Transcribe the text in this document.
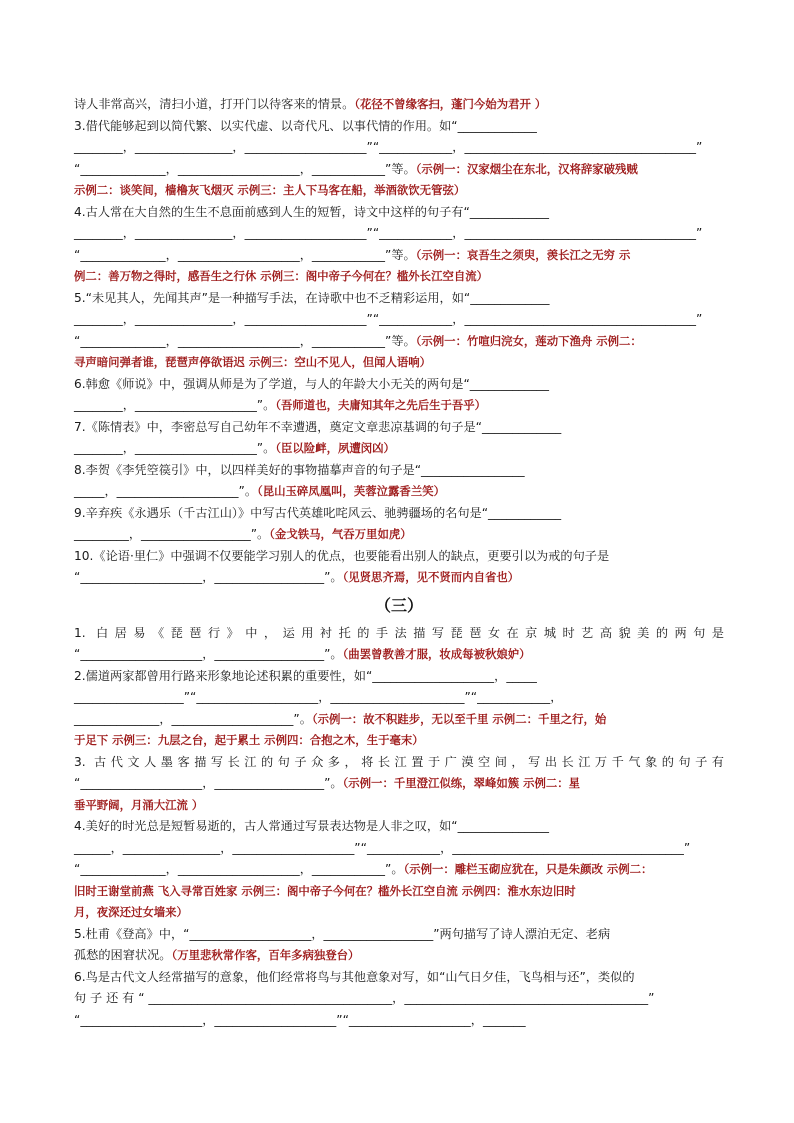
诗人非常高兴，清扫小道，打开门以待客来的情景。（花径不曾缘客扫，蓬门今始为君开 ）
3.借代能够起到以简代繁、以实代虚、以奇代凡、以事代情的作用。如“_____________
________，________________，____________________”“____________，______________________________________”
“______________，____________________，____________”等。（示例一：汉家烟尘在东北，汉将辞家破残贼
示例二：谈笑间，樯橹灰飞烟灭 示例三：主人下马客在船，举酒欲饮无管弦）
4.古人常在大自然的生生不息面前感到人生的短暂，诗文中这样的句子有“_____________
________，________________，____________________”“____________，______________________________________”
“______________，____________________，____________”等。（示例一：哀吾生之须臾，羡长江之无穷 示
例二：善万物之得时，感吾生之行休 示例三：阁中帝子今何在？槛外长江空自流）
5.“未见其人，先闻其声”是一种描写手法，在诗歌中也不乏精彩运用，如“_____________
________，________________，____________________”“____________，______________________________________”
“______________，____________________，____________”等。（示例一：竹喧归浣女，莲动下渔舟 示例二：
寻声暗问弹者谁，琵琶声停欲语迟 示例三：空山不见人，但闻人语响）
6.韩愈《师说》中，强调从师是为了学道，与人的年龄大小无关的两句是“_____________
________，____________________”。（吾师道也，夫庸知其年之先后生于吾乎）
7.《陈情表》中，李密总写自己幼年不幸遭遇，奠定文章悲凉基调的句子是“_____________
________，____________________”。（臣以险衅，夙遭闵凶）
8.李贺《李凭箜篌引》中，以四样美好的事物描摹声音的句子是“_________________
_____，____________________”。（昆山玉碎凤凰叫，芙蓉泣露香兰笑）
9.辛弃疾《永遇乐（千古江山）》中写古代英雄叱咤风云、驰骋疆场的名句是“____________
_________，__________________”。（金戈铁马，气吞万里如虎）
10.《论语·里仁》中强调不仅要能学习别人的优点，也要能看出别人的缺点，更要引以为戒的句子是
“____________________，__________________”。（见贤思齐焉，见不贤而内自省也）
（三）
1. 白居易《琵琶行》中，运用衬托的手法描写琵琶女在京城时艺高貌美的两句是
“____________________，__________________”。（曲罢曾教善才服，妆成每被秋娘妒）
2.儒道两家都曾用行路来形象地论述积累的重要性，如“____________________，_____
__________________”“____________________，______________________”“____________，
______________，____________________”。（示例一：故不积跬步，无以至千里 示例二：千里之行，始
于足下 示例三：九层之台，起于累土 示例四：合抱之木，生于毫末）
3. 古代文人墨客描写长江的句子众多，将长江置于广漠空间，写出长江万千气象的句子有
“____________________，__________________”。（示例一：千里澄江似练，翠峰如簇 示例二：星
垂平野阔，月涌大江流 ）
4.美好的时光总是短暂易逝的，古人常通过写景表达物是人非之叹，如“_______________
______，________________，____________________”“____________，______________________________________”
“______________，____________________，____________”。（示例一：雕栏玉砌应犹在，只是朱颜改 示例二：
旧时王谢堂前燕 飞入寻常百姓家 示例三：阁中帝子今何在？槛外长江空自流 示例四：淮水东边旧时
月，夜深还过女墙来）
5.杜甫《登高》中，“____________________，__________________”两句描写了诗人漂泊无定、老病
孤愁的困窘状况。（万里悲秋常作客，百年多病独登台）
6.鸟是古代文人经常描写的意象，他们经常将鸟与其他意象对写，如“山气日夕佳，飞鸟相与还”，类似的
句 子 还 有 “ ________________________________________，________________________________________”
“____________________，____________________”“____________________，_______
